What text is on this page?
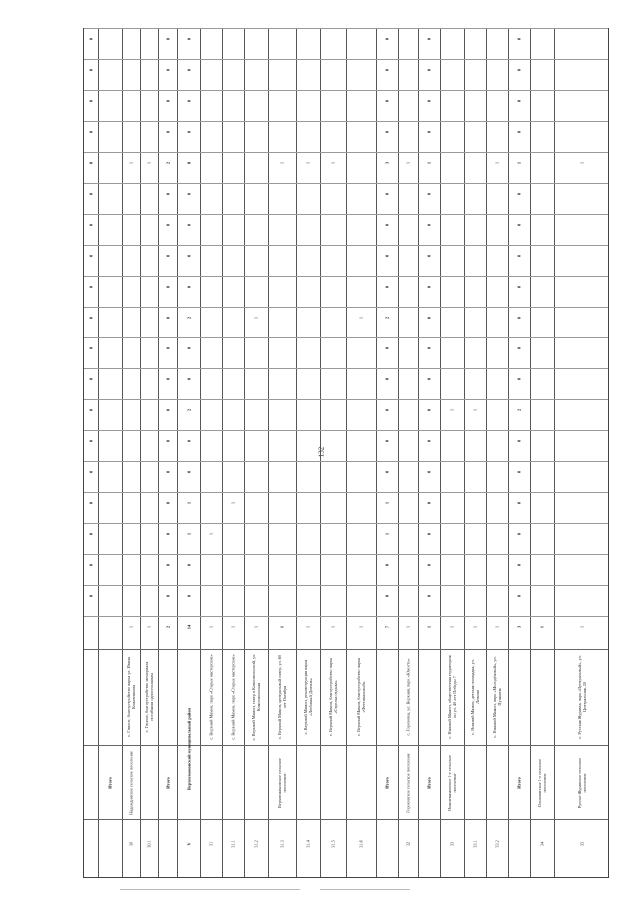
132
0
0
0
0
0
0
0
0
0
0
0
0
0
0
0
0
0
0
0
Итого
30
Надеждинское сельское поселение
с. Гнилое, благоустройство парка ул. Ивана Кожевникова
1
1
30.1
с. Гнилое, благоустройство мемориала погибшим односельчанам
1
1
Итого
2
0
0
0
0
0
0
0
0
0
0
0
0
0
0
2
0
0
0
0
V
Верхнемамонский муниципальный район
14
0
0
1
1
0
0
2
0
0
2
0
0
0
0
8
0
0
0
0
31
с. Верхний Мамон, парк «Старые мастерские»
1
1
31.1
с. Верхний Мамон, парк «Старые мастерские»
1
1
31.2
с. Верхний Мамон, сквер в Комсомольский, ул. Комсомольская
1
1
31.3
Верхнемамонское сельское поселение
с. Верхний Мамон, центральный сквер, ул. 60 лет Октября
8
1
31.4
с. Верхний Мамон, реконструкция парка «Любимый Дончик»
1
1
31.5
с. Верхний Мамон, благоустройство парка «Стрелка отдыха»
1
1
31.6
с. Верхний Мамон, благоустройство парка «Фестивальный»
1
1
Итого
7
0
0
1
1
0
0
0
0
0
2
0
0
0
0
3
0
0
0
0
32
Гороховское сельское поселение
с. Гороховка, ул. Верхняя, парк «Юность»
1
1
Итого
1
0
0
0
0
0
0
0
0
0
0
0
0
0
0
1
0
0
0
0
33
Нижнемамонское 1-е сельское поселение
с. Нижний Мамон, общественная территория по ул. 40 лет Победы 7
1
1
33.1
с. Нижний Мамон, детская площадка, ул. Ленина
1
1
33.2
с. Нижний Мамон, парк «Молодёжный», ул. Пушкина
1
1
Итого
3
0
0
0
0
0
0
2
0
0
0
0
0
0
0
1
0
0
0
0
34
Ольховатское 1-е сельское поселение
0
35
Русско-Журавское сельское поселение
с. Русская Журавка, парк «Центральный», ул. Центральная, 20
1
1
